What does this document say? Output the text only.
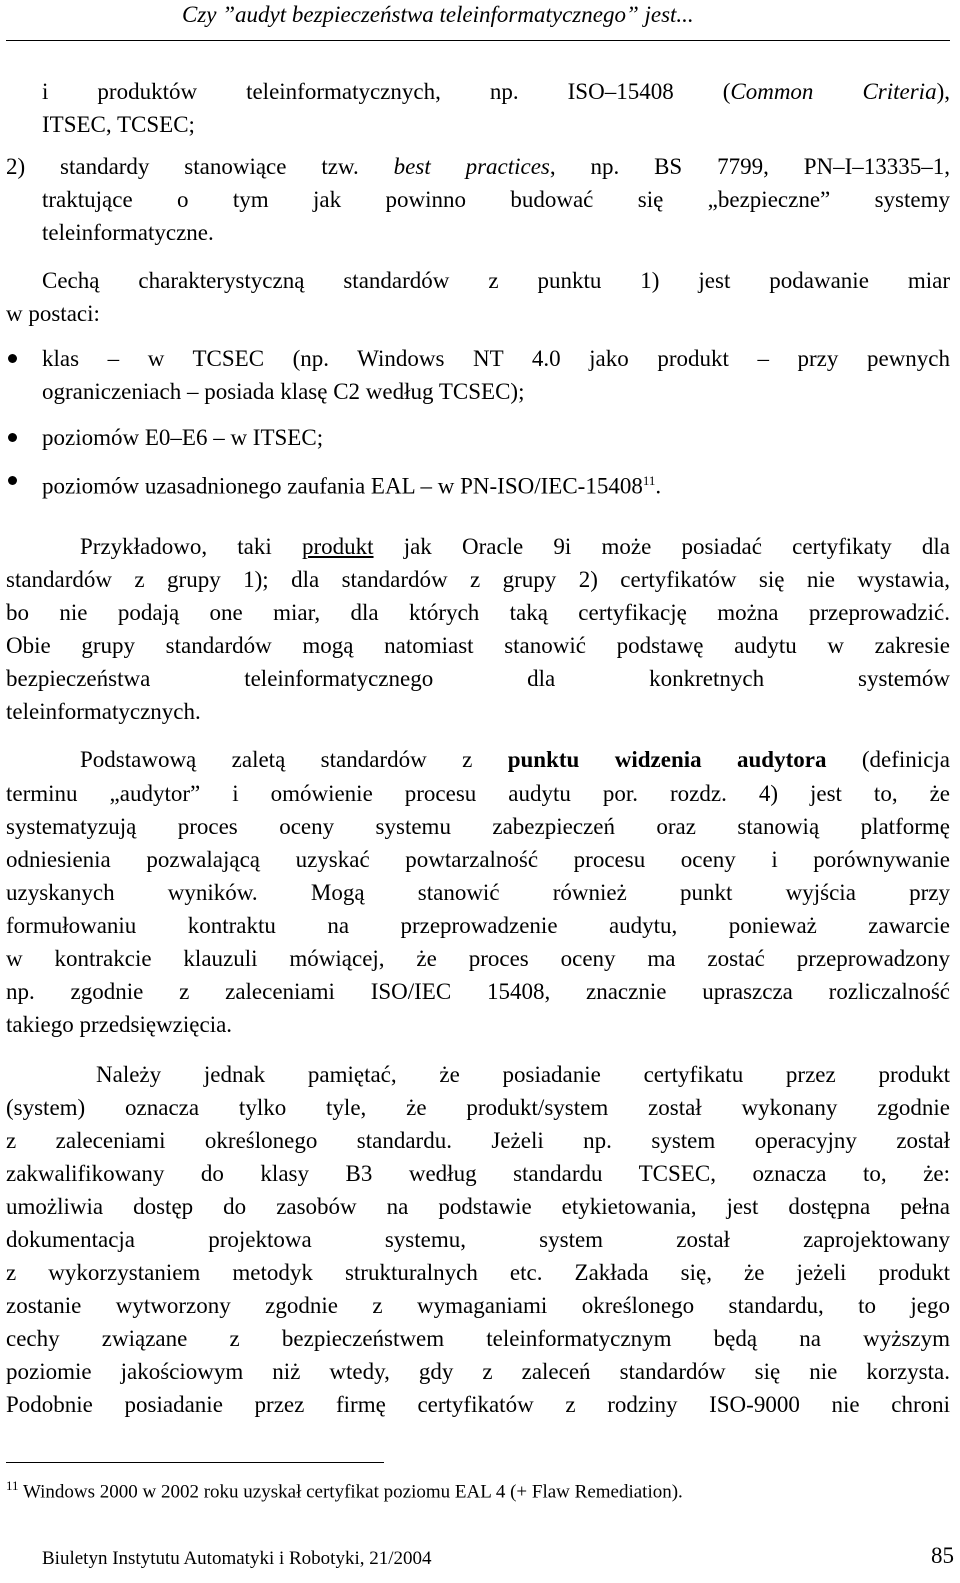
Czy ”audyt bezpieczeństwa teleinformatycznego” jest...
i produktów teleinformatycznych, np. ISO–15408 (Common Criteria),
ITSEC, TCSEC;
2) standardy stanowiące tzw. best practices, np. BS 7799, PN–I–13335–1,
traktujące o tym jak powinno budować się „bezpieczne” systemy
teleinformatyczne.
Cechą charakterystyczną standardów z punktu 1) jest podawanie miar
w postaci:
klas – w TCSEC (np. Windows NT 4.0 jako produkt – przy pewnych
ograniczeniach – posiada klasę C2 według TCSEC);
poziomów E0–E6 – w ITSEC;
poziomów uzasadnionego zaufania EAL – w PN-ISO/IEC-15408$^{11}$.
Przykładowo, taki produkt jak Oracle 9i może posiadać certyfikaty dla
standardów z grupy 1); dla standardów z grupy 2) certyfikatów się nie wystawia,
bo nie podają one miar, dla których taką certyfikację można przeprowadzić.
Obie grupy standardów mogą natomiast stanowić podstawę audytu w zakresie
bezpieczeństwa teleinformatycznego dla konkretnych systemów
teleinformatycznych.
Podstawową zaletą standardów z punktu widzenia audytora (definicja
terminu „audytor” i omówienie procesu audytu por. rozdz. 4) jest to, że
systematyzują proces oceny systemu zabezpieczeń oraz stanowią platformę
odniesienia pozwalającą uzyskać powtarzalność procesu oceny i porównywanie
uzyskanych wyników. Mogą stanowić również punkt wyjścia przy
formułowaniu kontraktu na przeprowadzenie audytu, ponieważ zawarcie
w kontrakcie klauzuli mówiącej, że proces oceny ma zostać przeprowadzony
np. zgodnie z zaleceniami ISO/IEC 15408, znacznie upraszcza rozliczalność
takiego przedsięwzięcia.
Należy jednak pamiętać, że posiadanie certyfikatu przez produkt
(system) oznacza tylko tyle, że produkt/system został wykonany zgodnie
z zaleceniami określonego standardu. Jeżeli np. system operacyjny został
zakwalifikowany do klasy B3 według standardu TCSEC, oznacza to, że:
umożliwia dostęp do zasobów na podstawie etykietowania, jest dostępna pełna
dokumentacja projektowa systemu, system został zaprojektowany
z wykorzystaniem metodyk strukturalnych etc. Zakłada się, że jeżeli produkt
zostanie wytworzony zgodnie z wymaganiami określonego standardu, to jego
cechy związane z bezpieczeństwem teleinformatycznym będą na wyższym
poziomie jakościowym niż wtedy, gdy z zaleceń standardów się nie korzysta.
Podobnie posiadanie przez firmę certyfikatów z rodziny ISO-9000 nie chroni
$^{11}$ Windows 2000 w 2002 roku uzyskał certyfikat poziomu EAL 4 (+ Flaw Remediation).
Biuletyn Instytutu Automatyki i Robotyki, 21/2004	85
